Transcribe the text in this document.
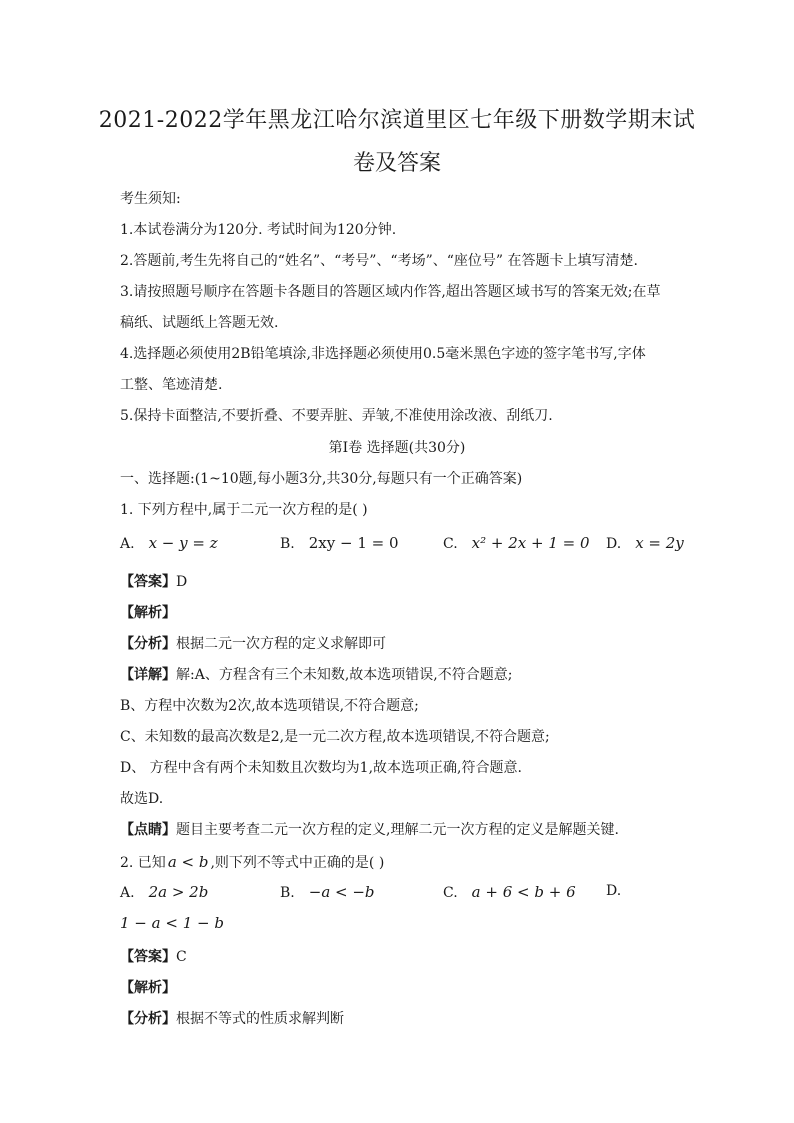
2021-2022学年黑龙江哈尔滨道里区七年级下册数学期末试
卷及答案
考生须知:
1.本试卷满分为120分. 考试时间为120分钟.
2.答题前,考生先将自己的“姓名”、“考号”、“考场”、“座位号” 在答题卡上填写清楚.
3.请按照题号顺序在答题卡各题目的答题区域内作答,超出答题区域书写的答案无效;在草
稿纸、试题纸上答题无效.
4.选择题必须使用2B铅笔填涂,非选择题必须使用0.5毫米黑色字迹的签字笔书写,字体
工整、笔迹清楚.
5.保持卡面整洁,不要折叠、不要弄脏、弄皱,不准使用涂改液、刮纸刀.
第Ⅰ卷 选择题(共30分)
一、选择题:(1~10题,每小题3分,共30分,每题只有一个正确答案)
1. 下列方程中,属于二元一次方程的是( )
A. x − y = z	B. 2xy − 1 = 0	C. x² + 2x + 1 = 0 D. x = 2y
【答案】D
【解析】
【分析】根据二元一次方程的定义求解即可
【详解】解:A、方程含有三个未知数,故本选项错误,不符合题意;
B、方程中次数为2次,故本选项错误,不符合题意;
C、未知数的最高次数是2,是一元二次方程,故本选项错误,不符合题意;
D、 方程中含有两个未知数且次数均为1,故本选项正确,符合题意.
故选D.
【点睛】题目主要考查二元一次方程的定义,理解二元一次方程的定义是解题关键.
2. 已知 a < b ,则下列不等式中正确的是( )
A. 2a > 2b	B. −a < −b	C. a + 6 < b + 6 D.
1 − a < 1 − b
【答案】C
【解析】
【分析】根据不等式的性质求解判断
